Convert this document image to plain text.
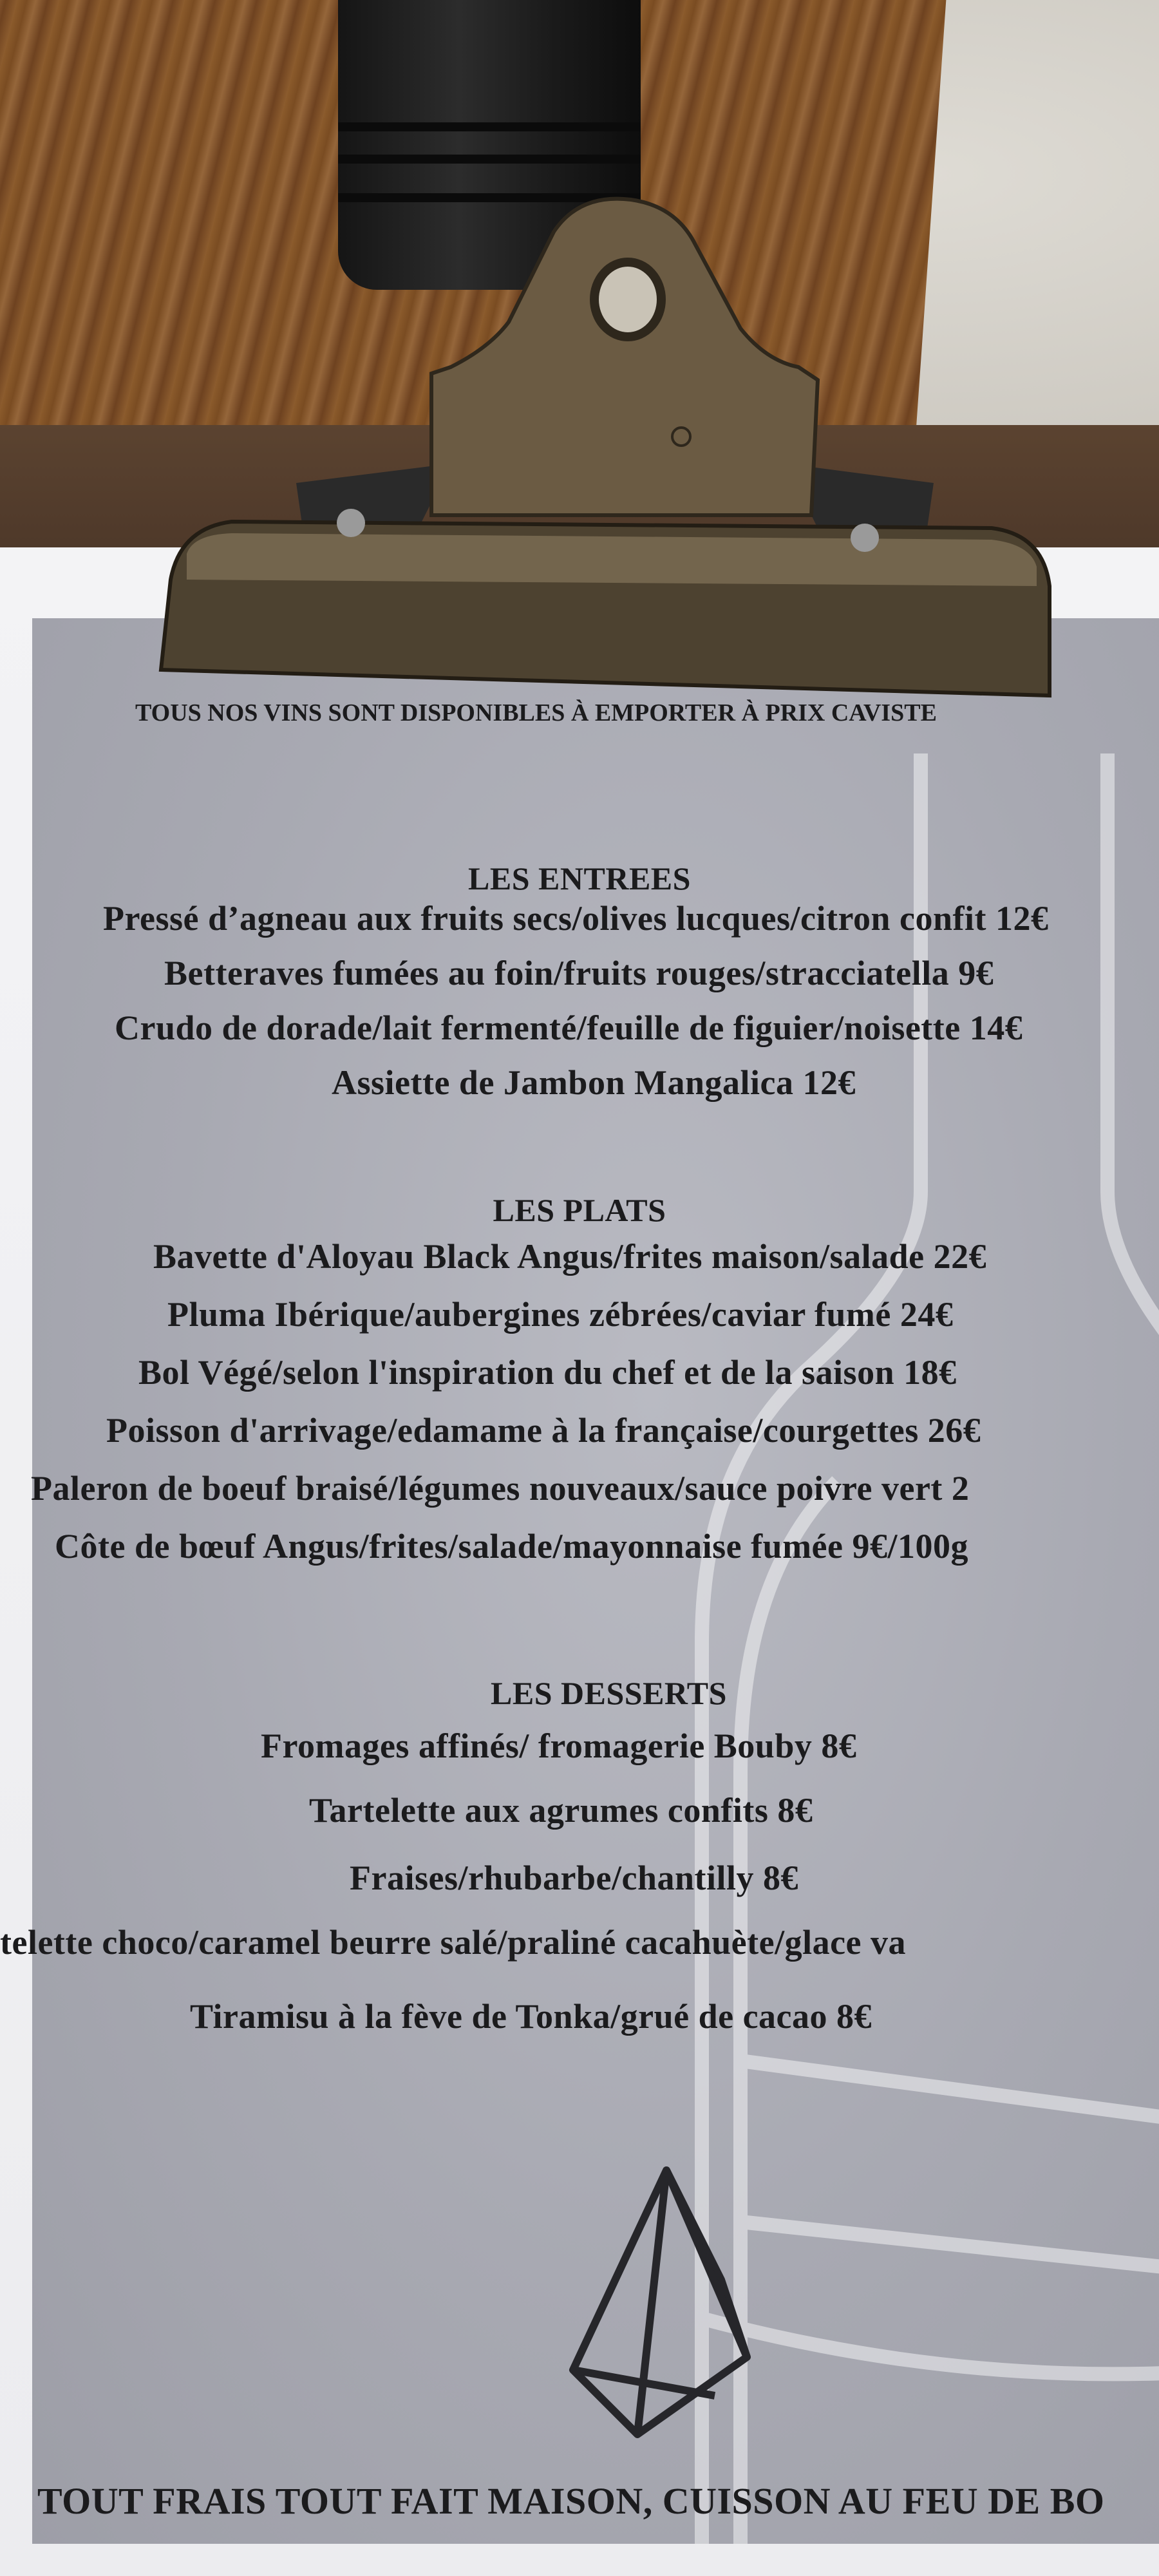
TOUS NOS VINS SONT DISPONIBLES À EMPORTER À PRIX CAVISTE
LES ENTREES
Pressé d’agneau aux fruits secs/olives lucques/citron confit 12€
Betteraves fumées au foin/fruits rouges/stracciatella 9€
Crudo de dorade/lait fermenté/feuille de figuier/noisette 14€
Assiette de Jambon Mangalica 12€
LES PLATS
Bavette d'Aloyau Black Angus/frites maison/salade 22€
Pluma Ibérique/aubergines zébrées/caviar fumé 24€
Bol Végé/selon l'inspiration du chef et de la saison 18€
Poisson d'arrivage/edamame à la française/courgettes 26€
Paleron de boeuf braisé/légumes nouveaux/sauce poivre vert 2
Côte de bœuf Angus/frites/salade/mayonnaise fumée 9€/100g
LES DESSERTS
Fromages affinés/ fromagerie Bouby 8€
Tartelette aux agrumes confits 8€
Fraises/rhubarbe/chantilly 8€
telette choco/caramel beurre salé/praliné cacahuète/glace va
Tiramisu à la fève de Tonka/grué de cacao 8€
TOUT FRAIS TOUT FAIT MAISON, CUISSON AU FEU DE BO
